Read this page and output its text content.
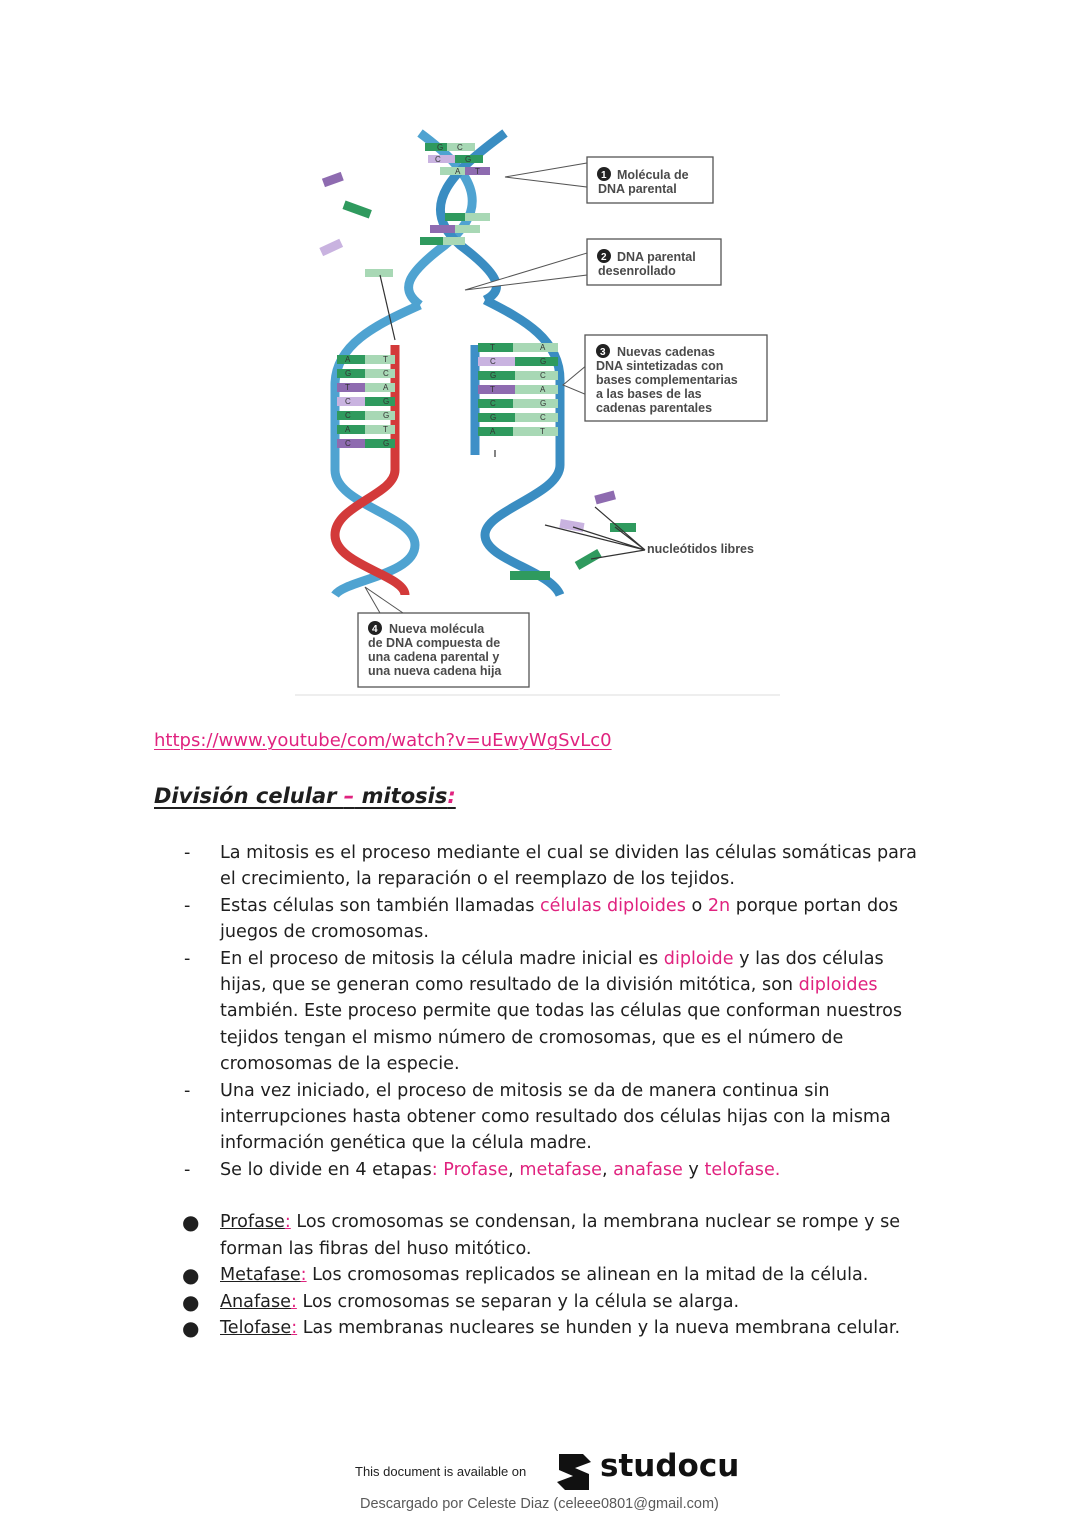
G C
C	G
A T
A	T
G	C
T	A
C	G
C	G
A	T
C	G
T	A
C	G
G	C
T	A
C	G
G	C
A	T
1 Molécula de
DNA parental
2 DNA parental
desenrollado
3 Nuevas cadenas
DNA sintetizadas con
bases complementarias
a las bases de las
cadenas parentales
nucleótidos libres
4 Nueva molécula
de DNA compuesta de
una cadena parental y
una nueva cadena hija
https://www.youtube/com/watch?v=uEwyWgSvLc0
División celular – mitosis:

- La mitosis es el proceso mediante el cual se dividen las células somáticas para el crecimiento, la reparación o el reemplazo de los tejidos.

- Estas células son también llamadas células diploides o 2n porque portan dos juegos de cromosomas.

- En el proceso de mitosis la célula madre inicial es diploide y las dos células hijas, que se generan como resultado de la división mitótica, son diploides también. Este proceso permite que todas las células que conforman nuestros tejidos tengan el mismo número de cromosomas, que es el número de cromosomas de la especie.

- Una vez iniciado, el proceso de mitosis se da de manera continua sin interrupciones hasta obtener como resultado dos células hijas con la misma información genética que la célula madre.

- Se lo divide en 4 etapas: Profase, metafase, anafase y telofase.

● Profase: Los cromosomas se condensan, la membrana nuclear se rompe y se forman las fibras del huso mitótico.

● Metafase: Los cromosomas replicados se alinean en la mitad de la célula.

● Anafase: Los cromosomas se separan y la célula se alarga.

● Telofase: Las membranas nucleares se hunden y la nueva membrana celular.

This document is available on studocu
Descargado por Celeste Diaz (celeee0801@gmail.com)
